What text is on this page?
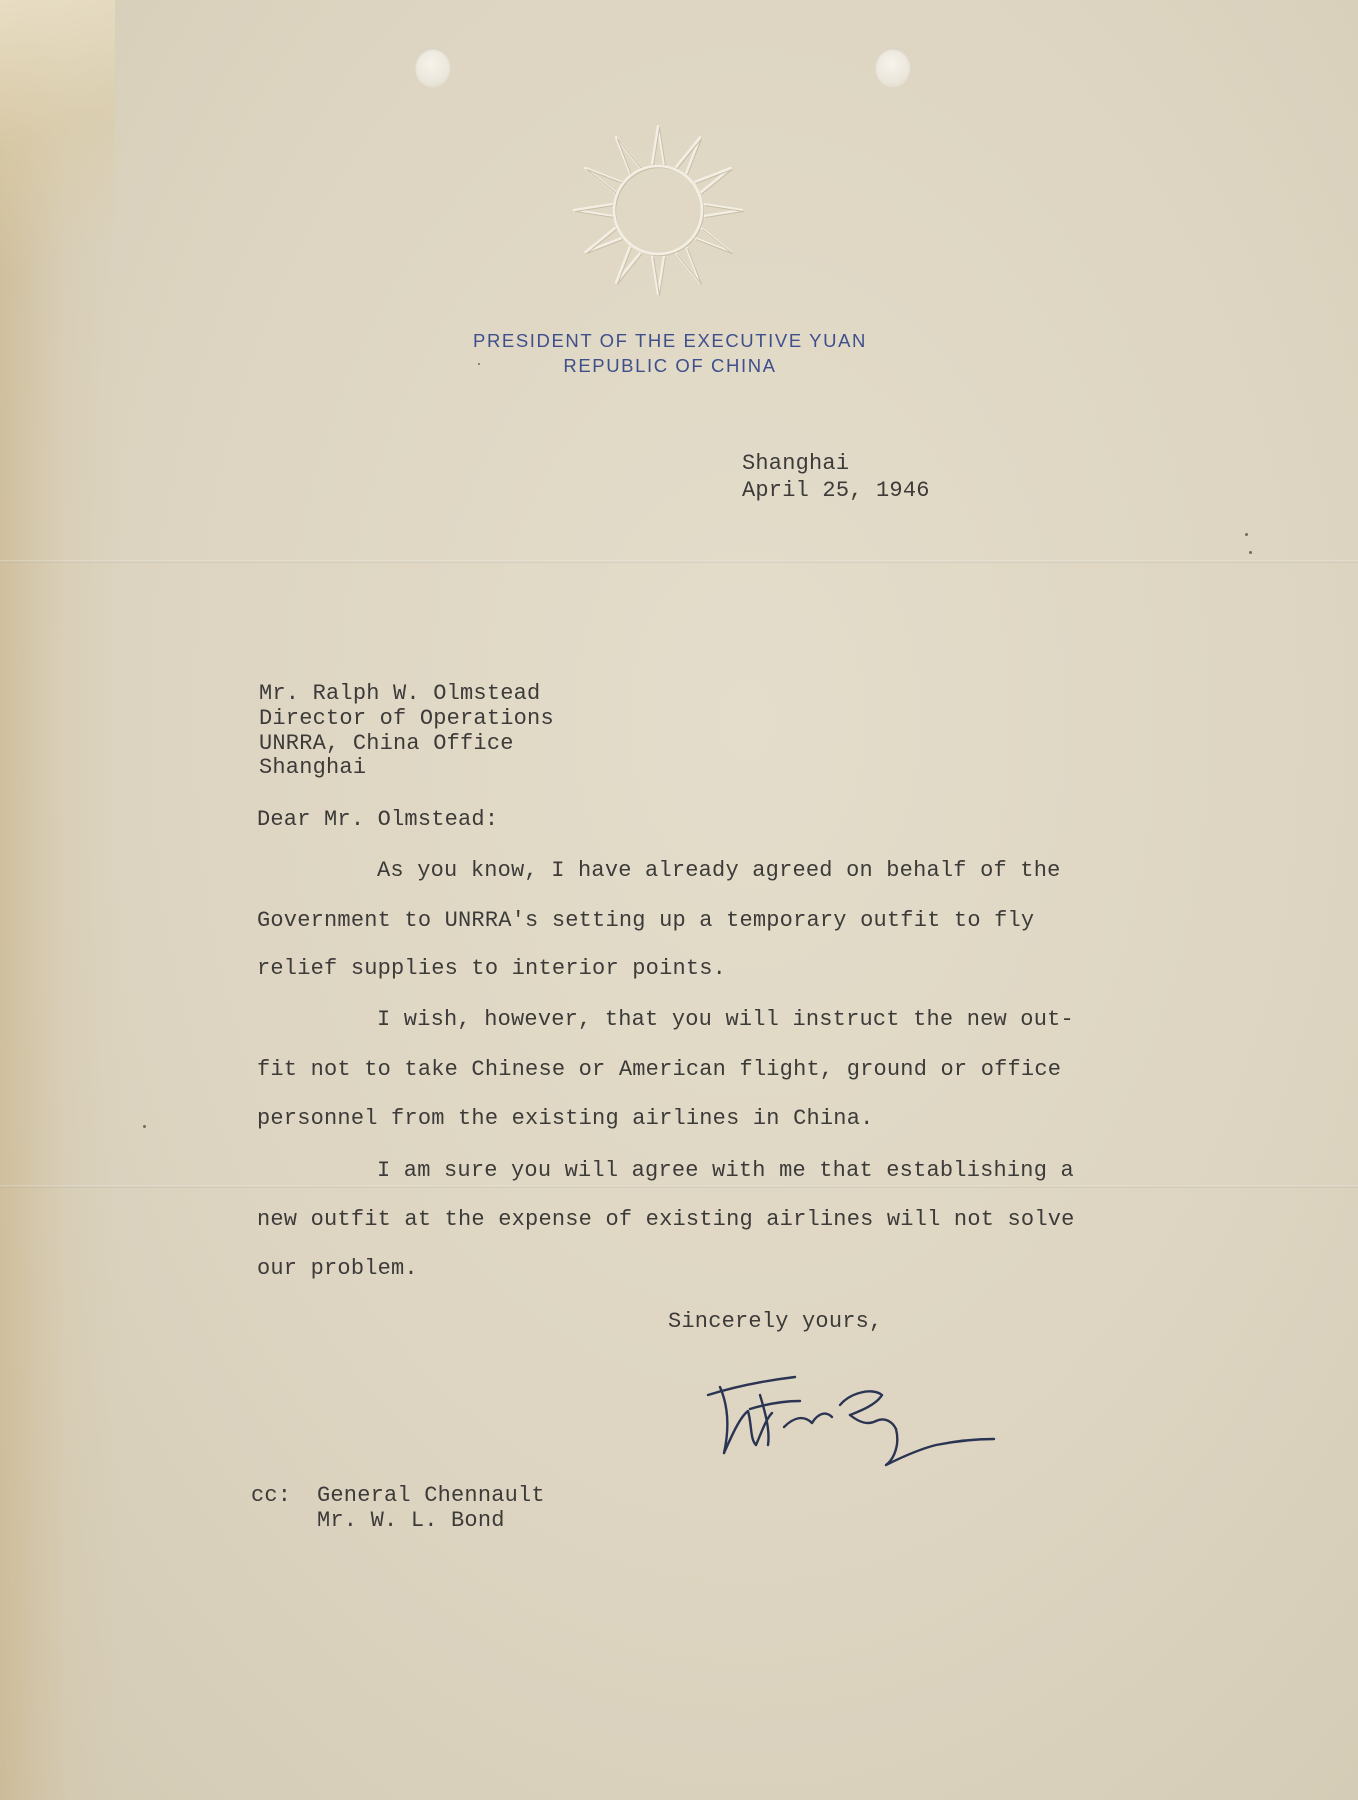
PRESIDENT OF THE EXECUTIVE YUAN
REPUBLIC OF CHINA
Shanghai
April 25, 1946
Mr. Ralph W. Olmstead
Director of Operations
UNRRA, China Office
Shanghai
Dear Mr. Olmstead:
As you know, I have already agreed on behalf of the
Government to UNRRA's setting up a temporary outfit to fly
relief supplies to interior points.
I wish, however, that you will instruct the new out-
fit not to take Chinese or American flight, ground or office
personnel from the existing airlines in China.
I am sure you will agree with me that establishing a
new outfit at the expense of existing airlines will not solve
our problem.
Sincerely yours,
cc: General Chennault
Mr. W. L. Bond
